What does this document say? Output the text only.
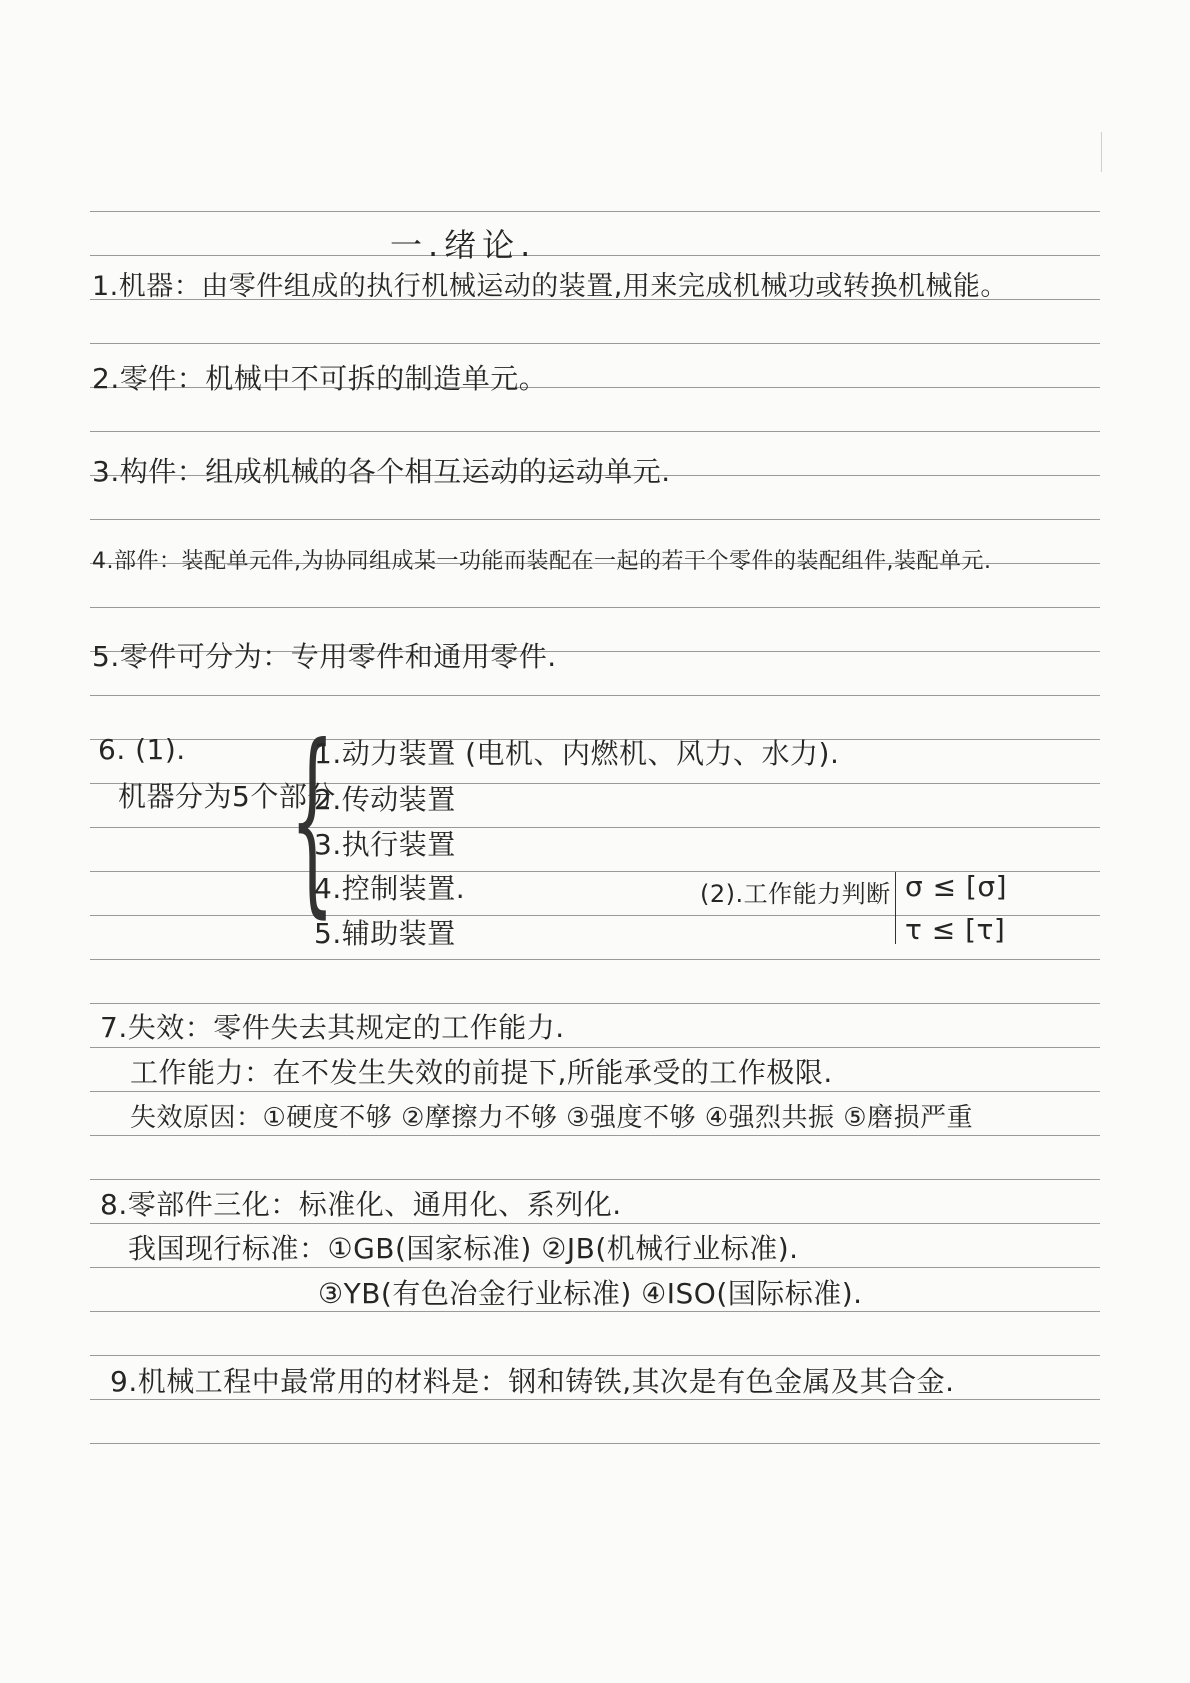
一.绪论.
1.机器：由零件组成的执行机械运动的装置,用来完成机械功或转换机械能。
2.零件：机械中不可拆的制造单元。
3.构件：组成机械的各个相互运动的运动单元.
4.部件：装配单元件,为协同组成某一功能而装配在一起的若干个零件的装配组件,装配单元.
5.零件可分为：专用零件和通用零件.
6. (1).
机器分为5个部分
{
1.动力装置 (电机、内燃机、风力、水力).
2.传动装置
3.执行装置
4.控制装置.
5.辅助装置
(2).工作能力判断 σ ≤ [σ]
τ ≤ [τ]
7.失效：零件失去其规定的工作能力.
工作能力：在不发生失效的前提下,所能承受的工作极限.
失效原因：①硬度不够 ②摩擦力不够 ③强度不够 ④强烈共振 ⑤磨损严重
8.零部件三化：标准化、通用化、系列化.
我国现行标准：①GB(国家标准) ②JB(机械行业标准).
③YB(有色冶金行业标准) ④ISO(国际标准).
9.机械工程中最常用的材料是：钢和铸铁,其次是有色金属及其合金.
